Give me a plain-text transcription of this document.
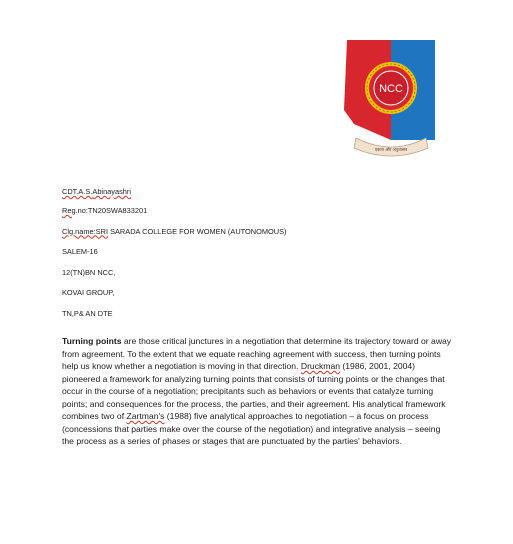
NCC
एकता और अनुशासन
CDT.A.S.Abinayashri
Reg.no:TN20SWA833201
Clg.name:SRI SARADA COLLEGE FOR WOMEN (AUTONOMOUS)
SALEM-16
12(TN)BN NCC,
KOVAI GROUP,
TN,P& AN DTE

Turning points are those critical junctures in a negotiation that determine its trajectory toward or away from agreement. To the extent that we equate reaching agreement with success, then turning points help us know whether a negotiation is moving in that direction. Druckman (1986, 2001, 2004) pioneered a framework for analyzing turning points that consists of turning points or the changes that occur in the course of a negotiation; precipitants such as behaviors or events that catalyze turning points; and consequences for the process, the parties, and their agreement. His analytical framework combines two of Zartman's (1988) five analytical approaches to negotiation – a focus on process (concessions that parties make over the course of the negotiation) and integrative analysis – seeing the process as a series of phases or stages that are punctuated by the parties' behaviors.
